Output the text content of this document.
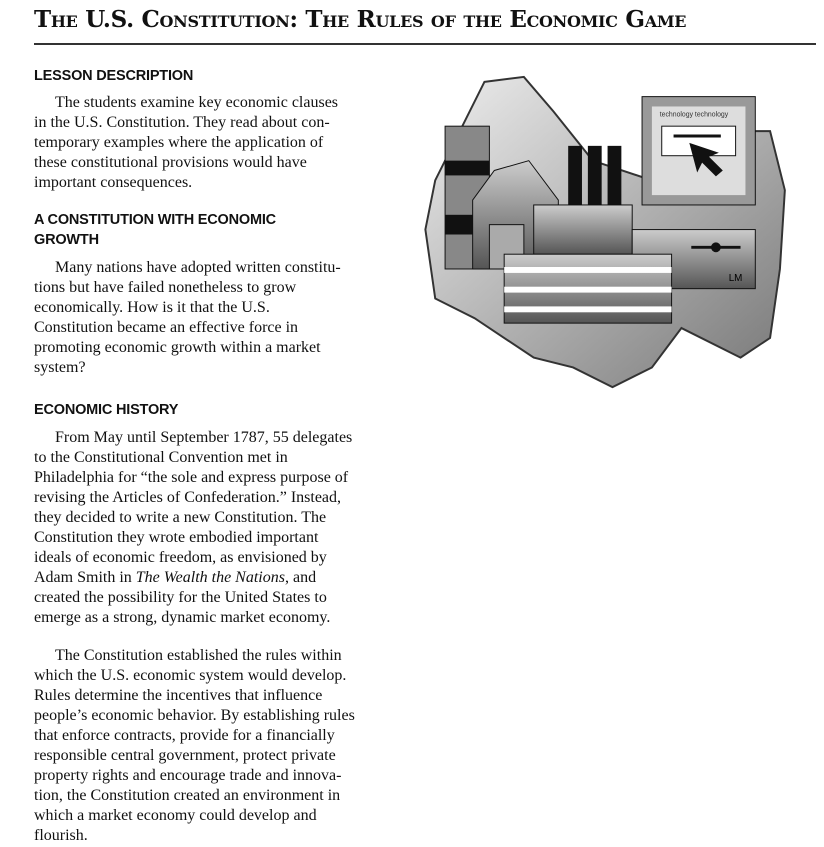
The U.S. Constitution: The Rules of the Economic Game
LESSON DESCRIPTION
The students examine key economic clauses
in the U.S. Constitution. They read about con-
temporary examples where the application of
these constitutional provisions would have
important consequences.
A CONSTITUTION WITH ECONOMIC
GROWTH
Many nations have adopted written constitu-
tions but have failed nonetheless to grow
economically. How is it that the U.S.
Constitution became an effective force in
promoting economic growth within a market
system?
ECONOMIC HISTORY
From May until September 1787, 55 delegates
to the Constitutional Convention met in
Philadelphia for “the sole and express purpose of
revising the Articles of Confederation.” Instead,
they decided to write a new Constitution. The
Constitution they wrote embodied important
ideals of economic freedom, as envisioned by
Adam Smith in The Wealth the Nations, and
created the possibility for the United States to
emerge as a strong, dynamic market economy.
The Constitution established the rules within
which the U.S. economic system would develop.
Rules determine the incentives that influence
people’s economic behavior. By establishing rules
that enforce contracts, provide for a financially
responsible central government, protect private
property rights and encourage trade and innova-
tion, the Constitution created an environment in
which a market economy could develop and
flourish.
technology technology
LM
